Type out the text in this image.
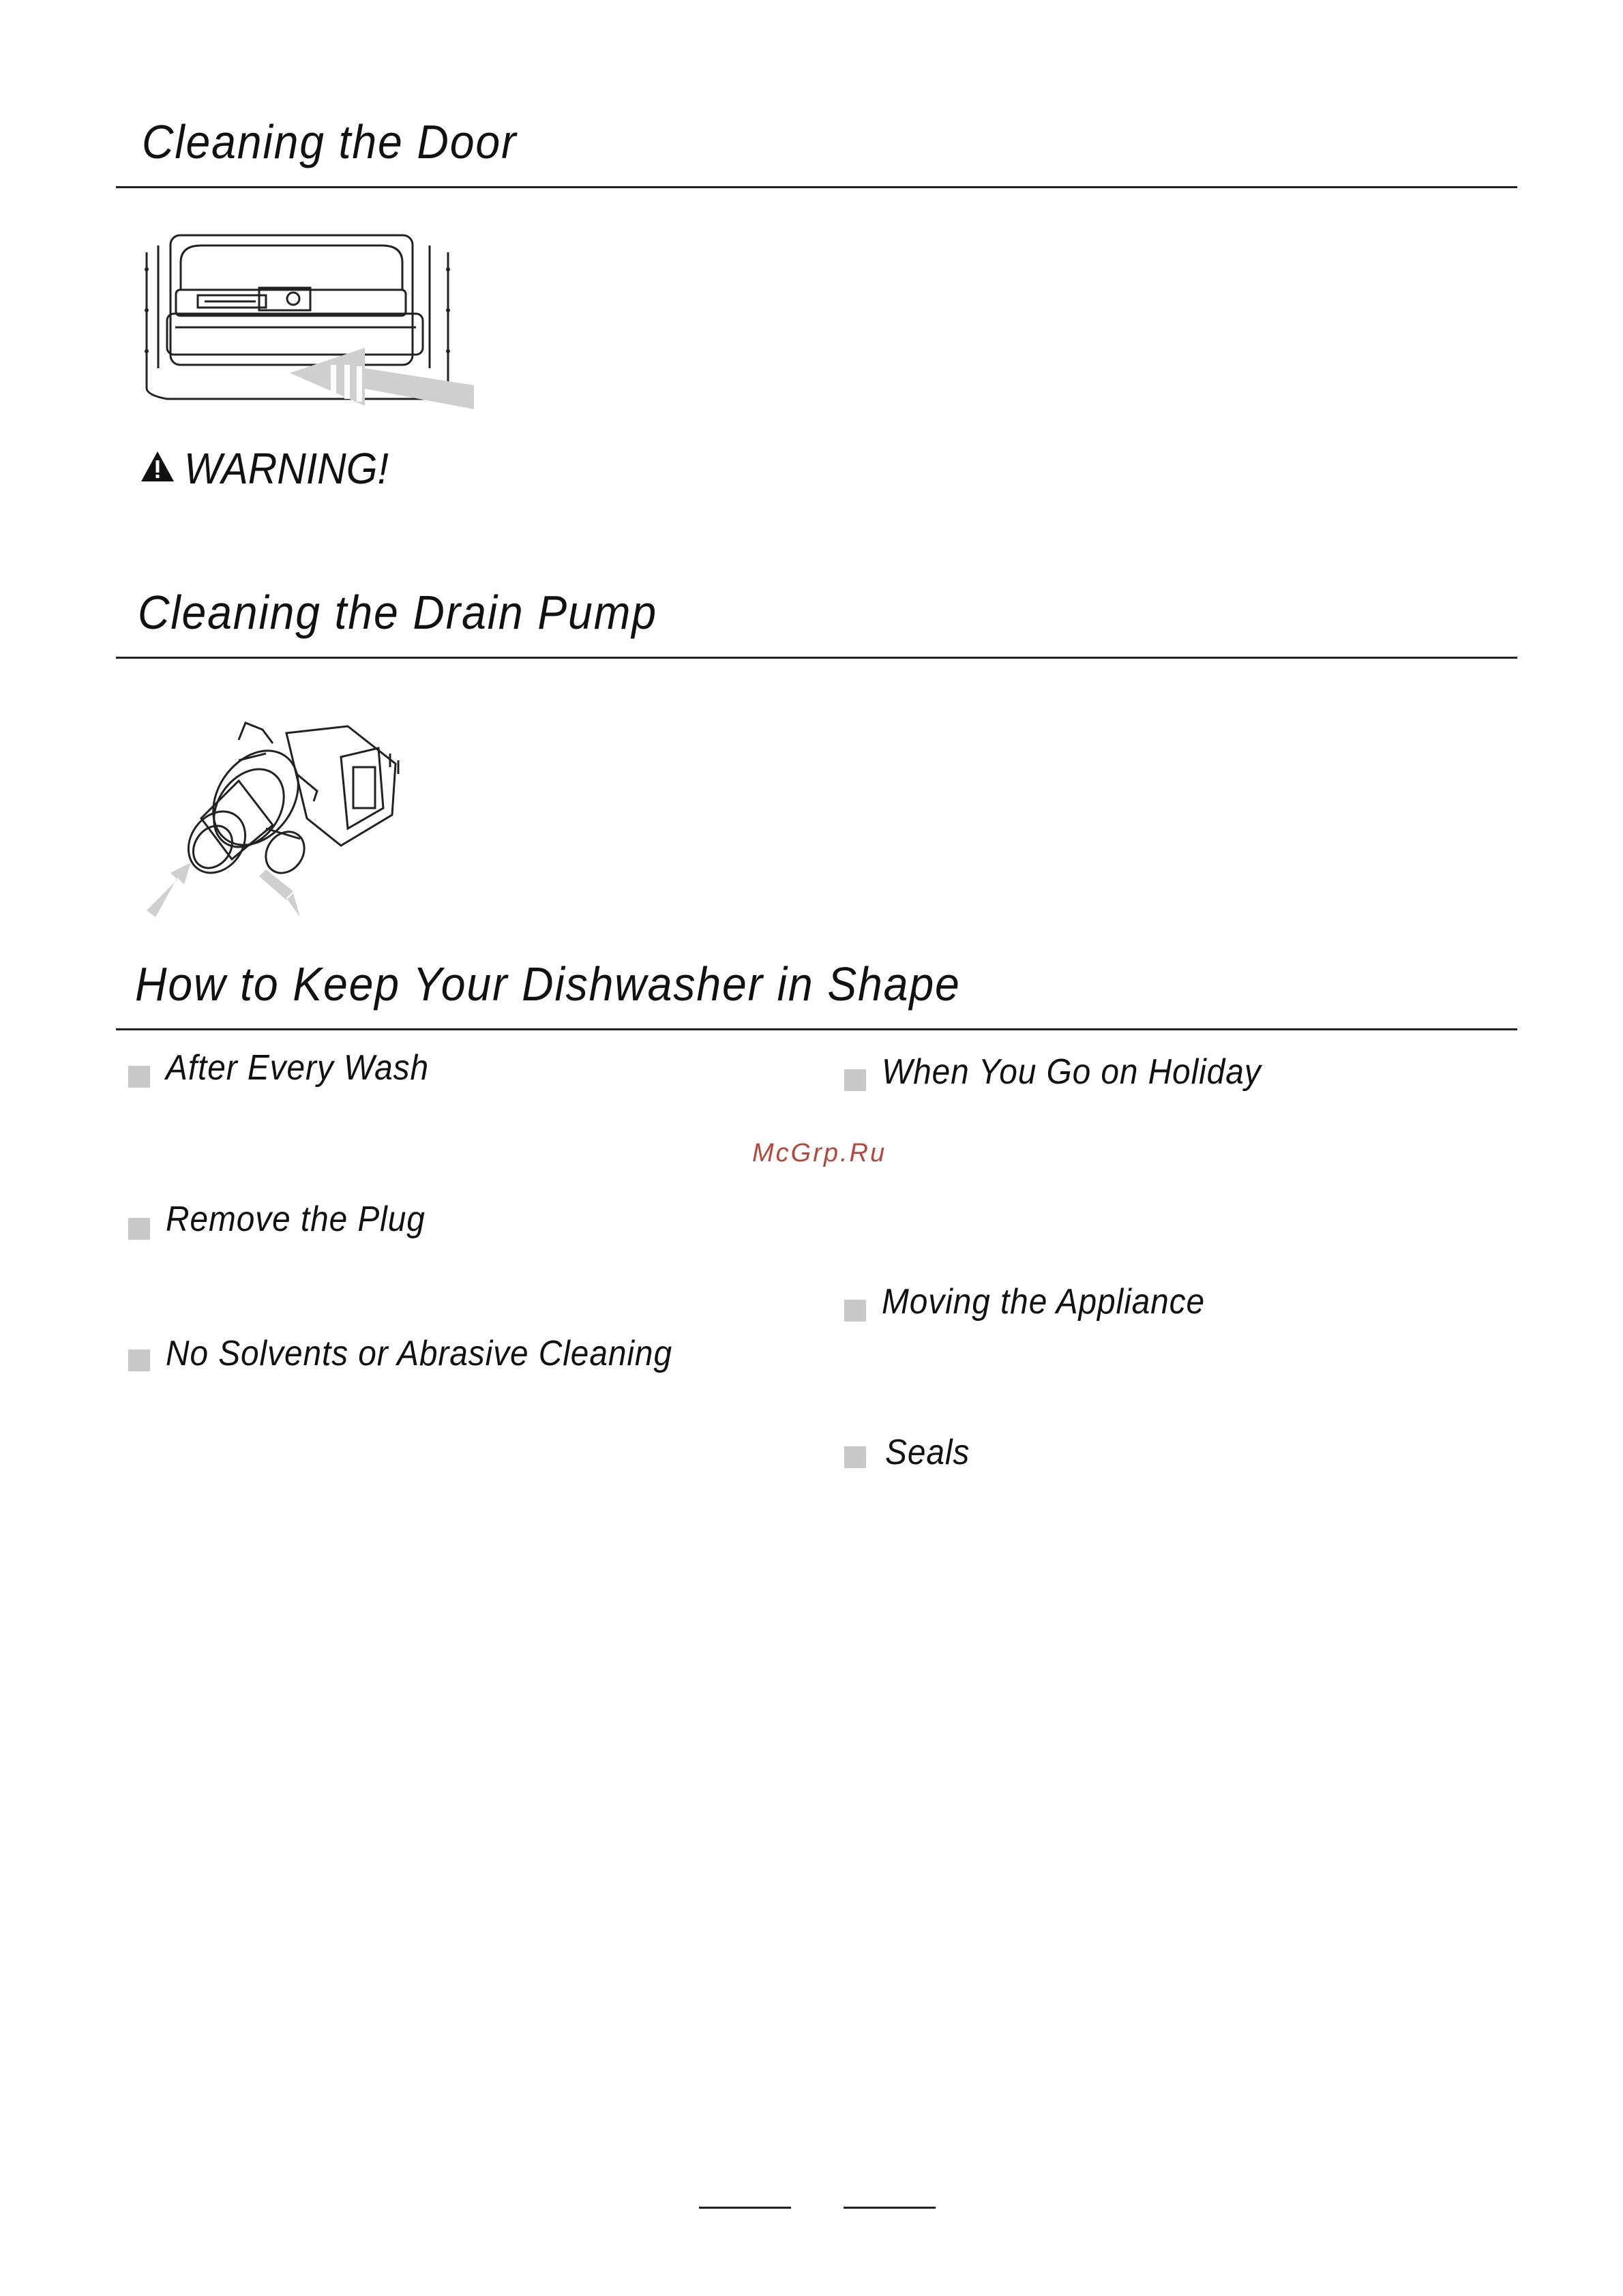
Cleaning the Door
WARNING!
Cleaning the Drain Pump
How to Keep Your Dishwasher in Shape
After Every Wash
Remove the Plug
No Solvents or Abrasive Cleaning
When You Go on Holiday
Moving the Appliance
Seals
McGrp.Ru
